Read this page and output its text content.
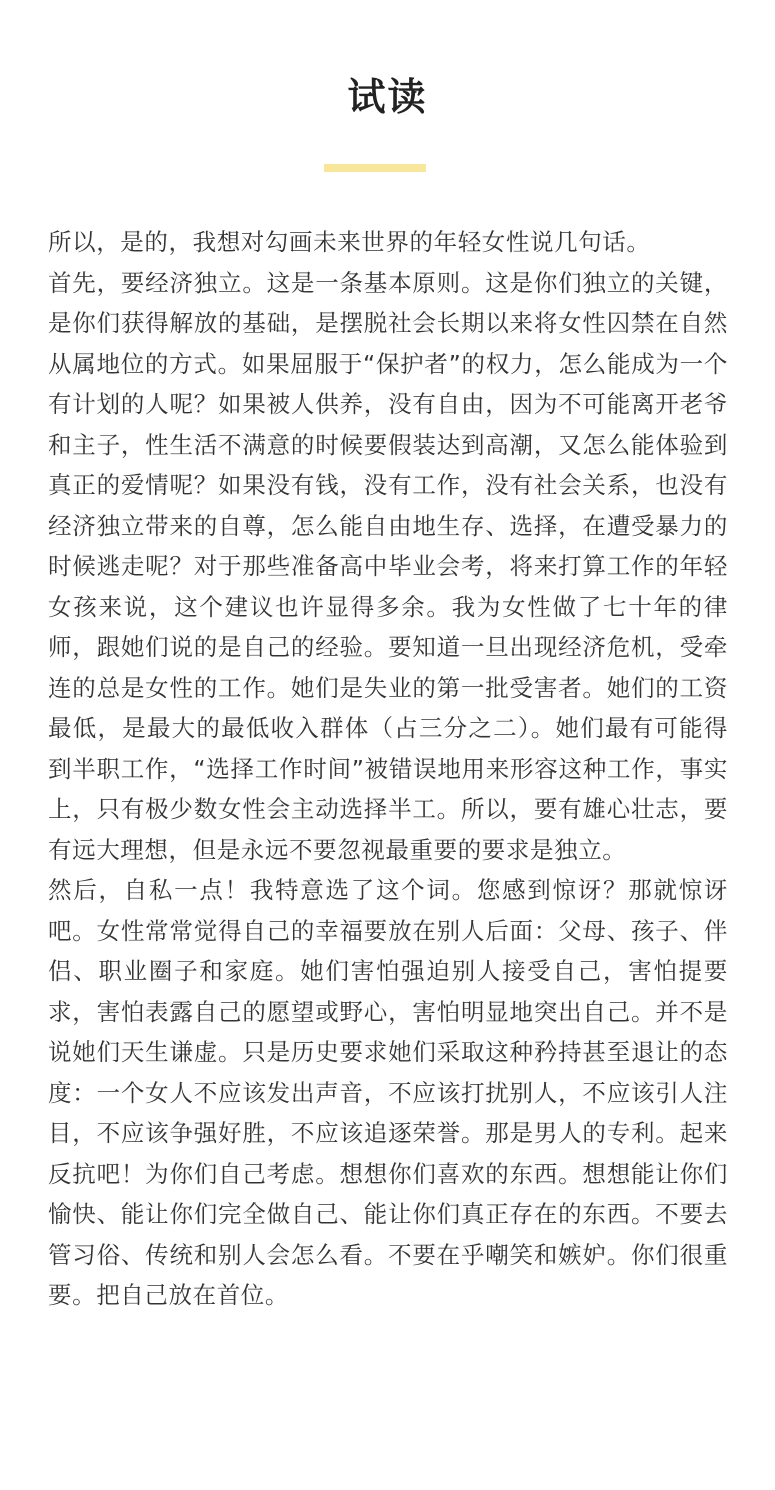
试读

所以，是的，我想对勾画未来世界的年轻女性说几句话。

首先，要经济独立。这是一条基本原则。这是你们独立的关键，是你们获得解放的基础，是摆脱社会长期以来将女性囚禁在自然从属地位的方式。如果屈服于“保护者”的权力，怎么能成为一个有计划的人呢？如果被人供养，没有自由，因为不可能离开老爷和主子，性生活不满意的时候要假装达到高潮，又怎么能体验到真正的爱情呢？如果没有钱，没有工作，没有社会关系，也没有经济独立带来的自尊，怎么能自由地生存、选择，在遭受暴力的时候逃走呢？对于那些准备高中毕业会考，将来打算工作的年轻女孩来说，这个建议也许显得多余。我为女性做了七十年的律师，跟她们说的是自己的经验。要知道一旦出现经济危机，受牵连的总是女性的工作。她们是失业的第一批受害者。她们的工资最低，是最大的最低收入群体（占三分之二）。她们最有可能得到半职工作，“选择工作时间”被错误地用来形容这种工作，事实上，只有极少数女性会主动选择半工。所以，要有雄心壮志，要有远大理想，但是永远不要忽视最重要的要求是独立。

然后，自私一点！我特意选了这个词。您感到惊讶？那就惊讶吧。女性常常觉得自己的幸福要放在别人后面：父母、孩子、伴侣、职业圈子和家庭。她们害怕强迫别人接受自己，害怕提要求，害怕表露自己的愿望或野心，害怕明显地突出自己。并不是说她们天生谦虚。只是历史要求她们采取这种矜持甚至退让的态度：一个女人不应该发出声音，不应该打扰别人，不应该引人注目，不应该争强好胜，不应该追逐荣誉。那是男人的专利。起来反抗吧！为你们自己考虑。想想你们喜欢的东西。想想能让你们愉快、能让你们完全做自己、能让你们真正存在的东西。不要去管习俗、传统和别人会怎么看。不要在乎嘲笑和嫉妒。你们很重要。把自己放在首位。
